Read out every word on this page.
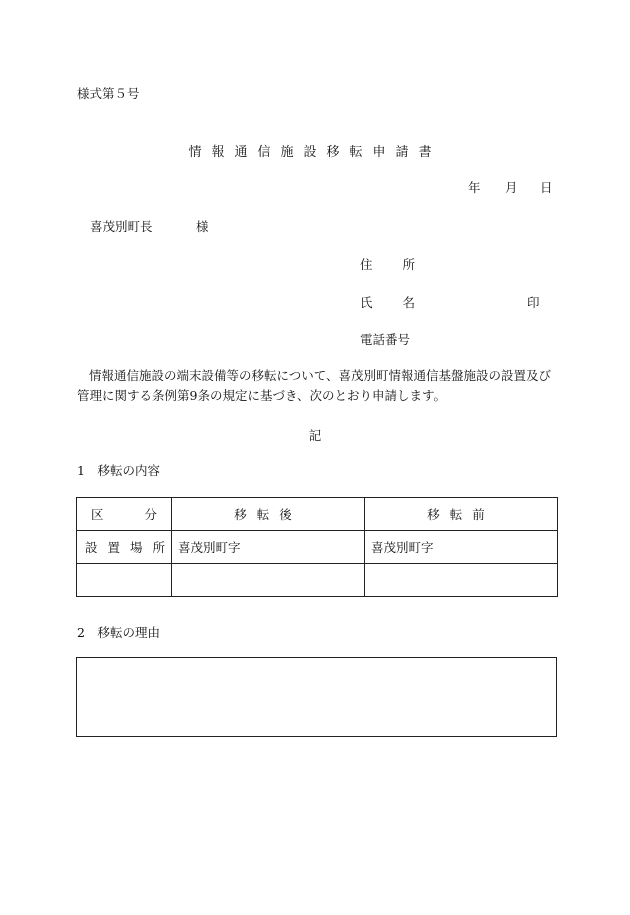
様式第５号
情報通信施設移転申請書
年 月 日
喜茂別町長	様
住 所
氏 名	印
電話番号
情報通信施設の端末設備等の移転について、喜茂別町情報通信基盤施設の設置及び管理に関する条例第9条の規定に基づき、次のとおり申請します。
記
1　移転の内容
区 分	移転後	移転前

設 置 場 所	喜茂別町字	喜茂別町字

2　移転の理由
